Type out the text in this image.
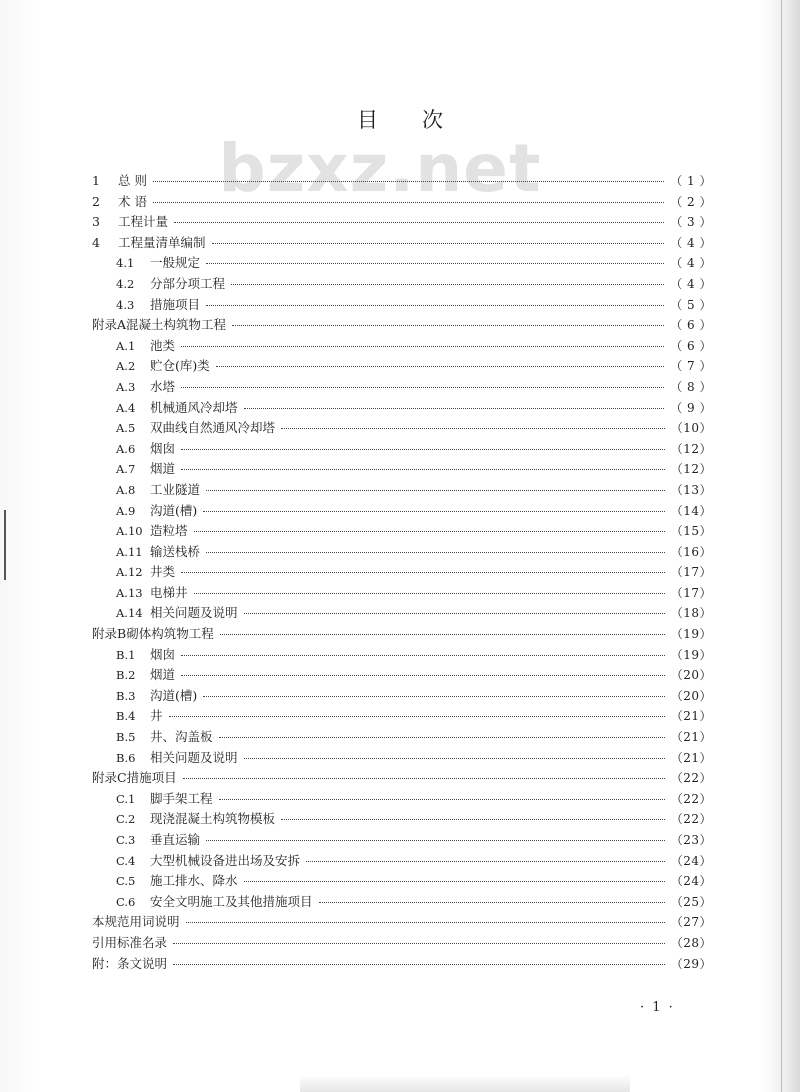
bzxz.net
目 次
1	总 则	（ 1 ）
2	术 语	（ 2 ）
3	工程计量	（ 3 ）
4	工程量清单编制	（ 4 ）
4.1	一般规定	（ 4 ）
4.2	分部分项工程	（ 4 ）
4.3	措施项目	（ 5 ）
附录A 混凝土构筑物工程	（ 6 ）
A.1	池类	（ 6 ）
A.2	贮仓(库)类	（ 7 ）
A.3	水塔	（ 8 ）
A.4	机械通风冷却塔	（ 9 ）
A.5	双曲线自然通风冷却塔	（10）
A.6	烟囱	（12）
A.7	烟道	（12）
A.8	工业隧道	（13）
A.9	沟道(槽)	（14）
A.10 造粒塔	（15）
A.11 输送栈桥	（16）
A.12 井类	（17）
A.13 电梯井	（17）
A.14 相关问题及说明	（18）
附录B 砌体构筑物工程	（19）
B.1	烟囱	（19）
B.2	烟道	（20）
B.3	沟道(槽)	（20）
B.4	井	（21）
B.5	井、沟盖板	（21）
B.6	相关问题及说明	（21）
附录C 措施项目	（22）
C.1	脚手架工程	（22）
C.2	现浇混凝土构筑物模板	（22）
C.3	垂直运输	（23）
C.4	大型机械设备进出场及安拆	（24）
C.5	施工排水、降水	（24）
C.6	安全文明施工及其他措施项目	（25）
本规范用词说明	（27）
引用标准名录	（28）
附：条文说明	（29）
· 1 ·
